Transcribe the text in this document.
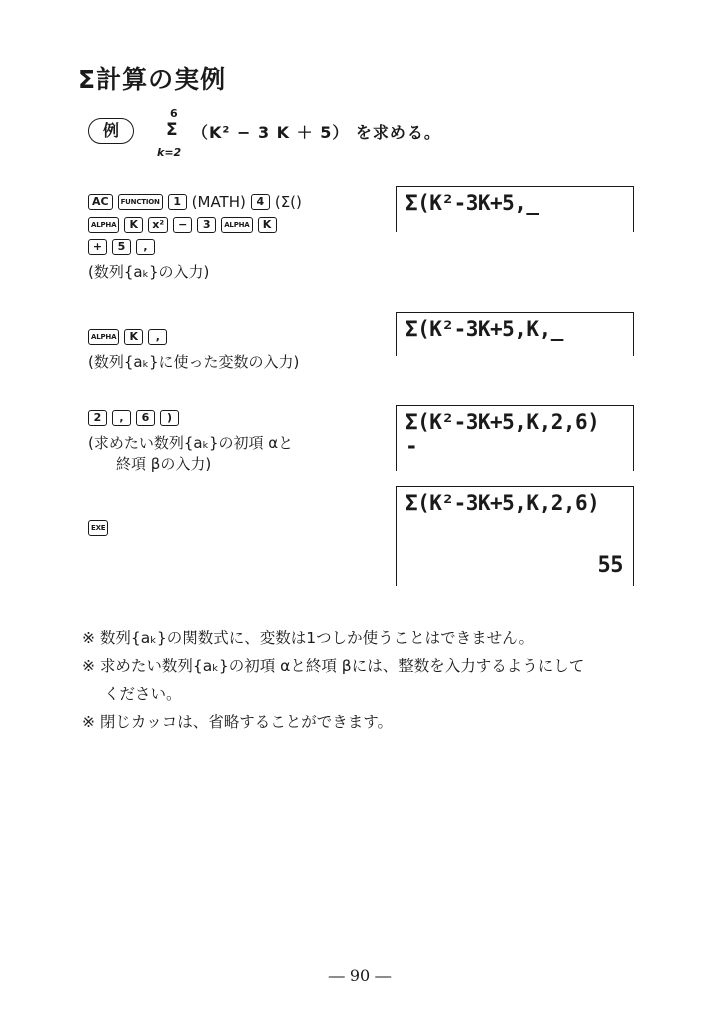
Σ計算の実例
例
6
Σ
k=2
（K² − 3 K ＋ 5） を求める。
AC	FUNCTION	1 (MATH) 4 (Σ()
ALPHA	K	x²	−	3	ALPHA	K
+	5	,
(数列{aₖ}の入力)
Σ(K²-3K+5,_
ALPHA	K	,
(数列{aₖ}に使った変数の入力)
Σ(K²-3K+5,K,_
2	,	6	)
(求めたい数列{aₖ}の初項 αと
終項 βの入力)
Σ(K²-3K+5,K,2,6)
-
EXE
Σ(K²-3K+5,K,2,6)
55
※ 数列{aₖ}の関数式に、変数は1つしか使うことはできません。
※ 求めたい数列{aₖ}の初項 αと終項 βには、整数を入力するようにして
ください。
※ 閉じカッコは、省略することができます。
― 90 ―
